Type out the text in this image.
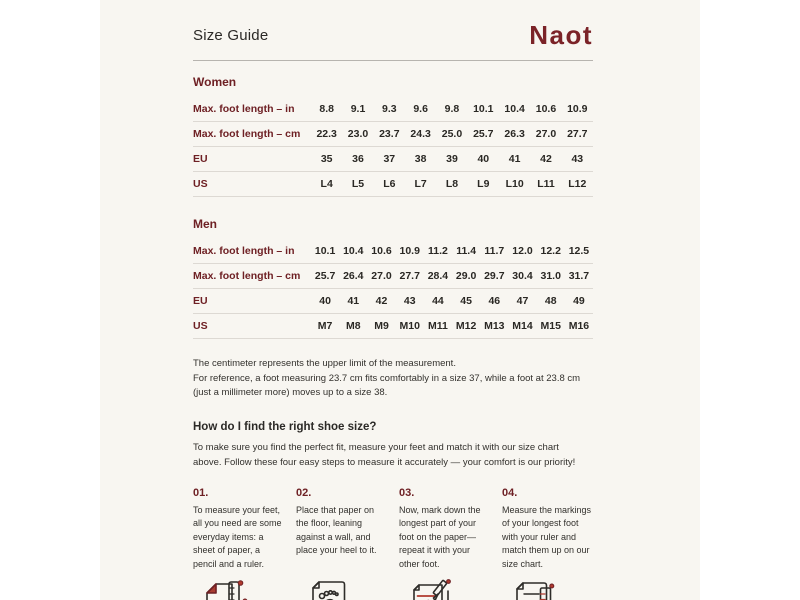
Size Guide	Naot
Women
Max. foot length – in	8.8	9.1	9.3	9.6	9.8	10.1	10.4	10.6	10.9
Max. foot length – cm	22.3	23.0	23.7	24.3	25.0	25.7	26.3	27.0	27.7
EU	35	36	37	38	39	40	41	42	43
US	L4	L5	L6	L7	L8	L9	L10	L11	L12
Men
Max. foot length – in	10.1 10.4 10.6 10.9 11.2 11.4 11.7 12.0 12.2 12.5
Max. foot length – cm	25.7 26.4 27.0 27.7 28.4 29.0 29.7 30.4 31.0 31.7
EU	40	41	42	43	44	45	46	47	48	49
US	M7	M8	M9	M10 M11 M12 M13 M14 M15 M16
The centimeter represents the upper limit of the measurement.
For reference, a foot measuring 23.7 cm fits comfortably in a size 37, while a foot at 23.8 cm
(just a millimeter more) moves up to a size 38.
How do I find the right shoe size?

To make sure you find the perfect fit, measure your feet and match it with our size chart above. Follow these four easy steps to measure it accurately — your comfort is our priority!

01.
To measure your feet, all you need are some everyday items: a sheet of paper, a pencil and a ruler.
02.
Place that paper on the floor, leaning against a wall, and place your heel to it.
03.
Now, mark down the longest part of your foot on the paper—repeat it with your other foot.
04.
Measure the markings of your longest foot with your ruler and match them up on our size chart.
